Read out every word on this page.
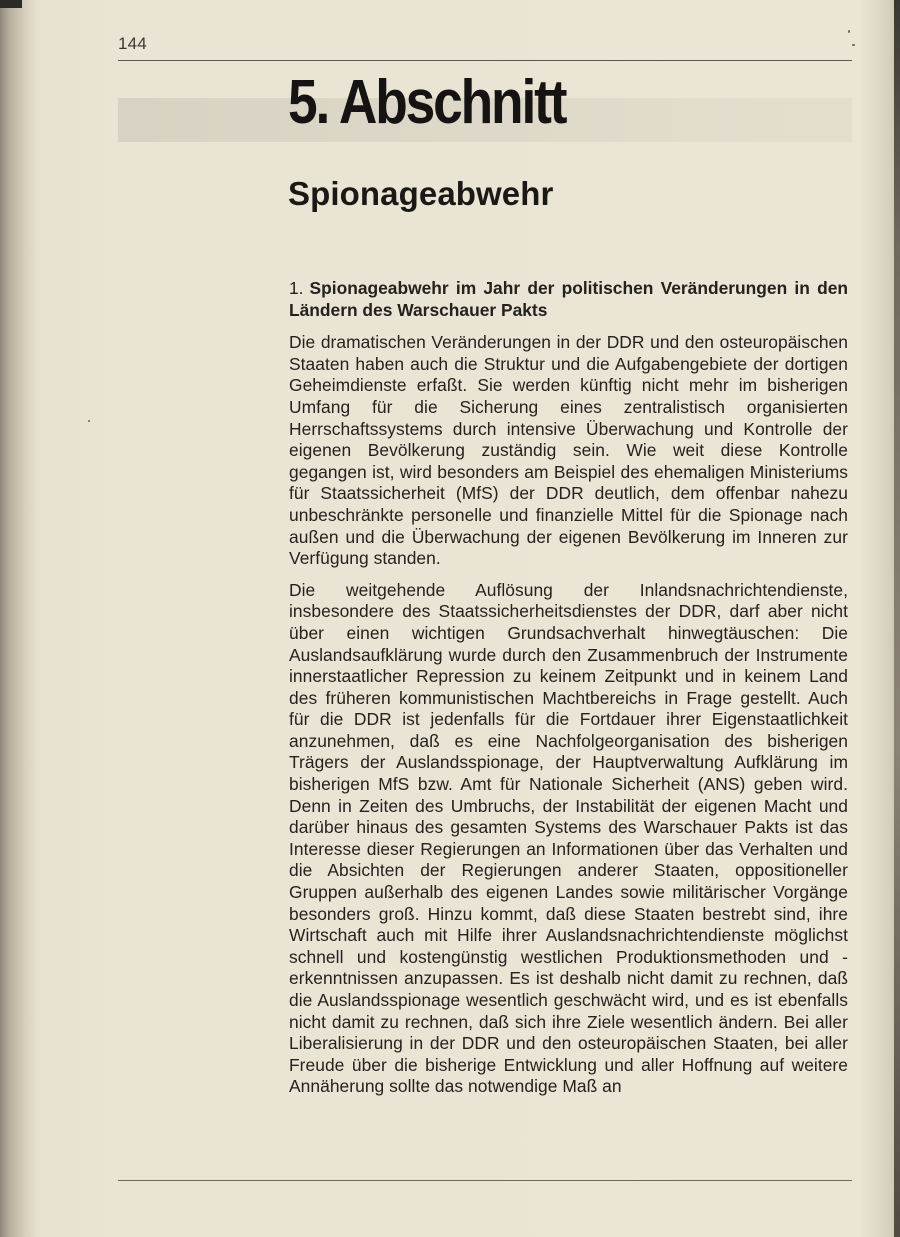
144
5. Abschnitt
Spionageabwehr
1. Spionageabwehr im Jahr der politischen Veränderungen in den Ländern des Warschauer Pakts

Die dramatischen Veränderungen in der DDR und den osteuropäischen Staaten haben auch die Struktur und die Aufgabengebiete der dortigen Geheimdienste erfaßt. Sie werden künftig nicht mehr im bisherigen Umfang für die Sicherung eines zentralistisch organisierten Herrschaftssystems durch intensive Überwachung und Kontrolle der eigenen Bevölkerung zuständig sein. Wie weit diese Kontrolle gegangen ist, wird besonders am Beispiel des ehemaligen Ministeriums für Staatssicherheit (MfS) der DDR deutlich, dem offenbar nahezu unbeschränkte personelle und finanzielle Mittel für die Spionage nach außen und die Überwachung der eigenen Bevölkerung im Inneren zur Verfügung standen.

Die weitgehende Auflösung der Inlandsnachrichtendienste, insbesondere des Staatssicherheitsdienstes der DDR, darf aber nicht über einen wichtigen Grundsachverhalt hinwegtäuschen: Die Auslandsaufklärung wurde durch den Zusammenbruch der Instrumente innerstaatlicher Repression zu keinem Zeitpunkt und in keinem Land des früheren kommunistischen Machtbereichs in Frage gestellt. Auch für die DDR ist jedenfalls für die Fortdauer ihrer Eigenstaatlichkeit anzunehmen, daß es eine Nachfolgeorganisation des bisherigen Trägers der Auslandsspionage, der Hauptverwaltung Aufklärung im bisherigen MfS bzw. Amt für Nationale Sicherheit (ANS) geben wird. Denn in Zeiten des Umbruchs, der Instabilität der eigenen Macht und darüber hinaus des gesamten Systems des Warschauer Pakts ist das Interesse dieser Regierungen an Informationen über das Verhalten und die Absichten der Regierungen anderer Staaten, oppositioneller Gruppen außerhalb des eigenen Landes sowie militärischer Vorgänge besonders groß. Hinzu kommt, daß diese Staaten bestrebt sind, ihre Wirtschaft auch mit Hilfe ihrer Auslandsnachrichtendienste möglichst schnell und kostengünstig westlichen Produktionsmethoden und -erkenntnissen anzupassen. Es ist deshalb nicht damit zu rechnen, daß die Auslandsspionage wesentlich geschwächt wird, und es ist ebenfalls nicht damit zu rechnen, daß sich ihre Ziele wesentlich ändern. Bei aller Liberalisierung in der DDR und den osteuropäischen Staaten, bei aller Freude über die bisherige Entwicklung und aller Hoffnung auf weitere Annäherung sollte das notwendige Maß an
